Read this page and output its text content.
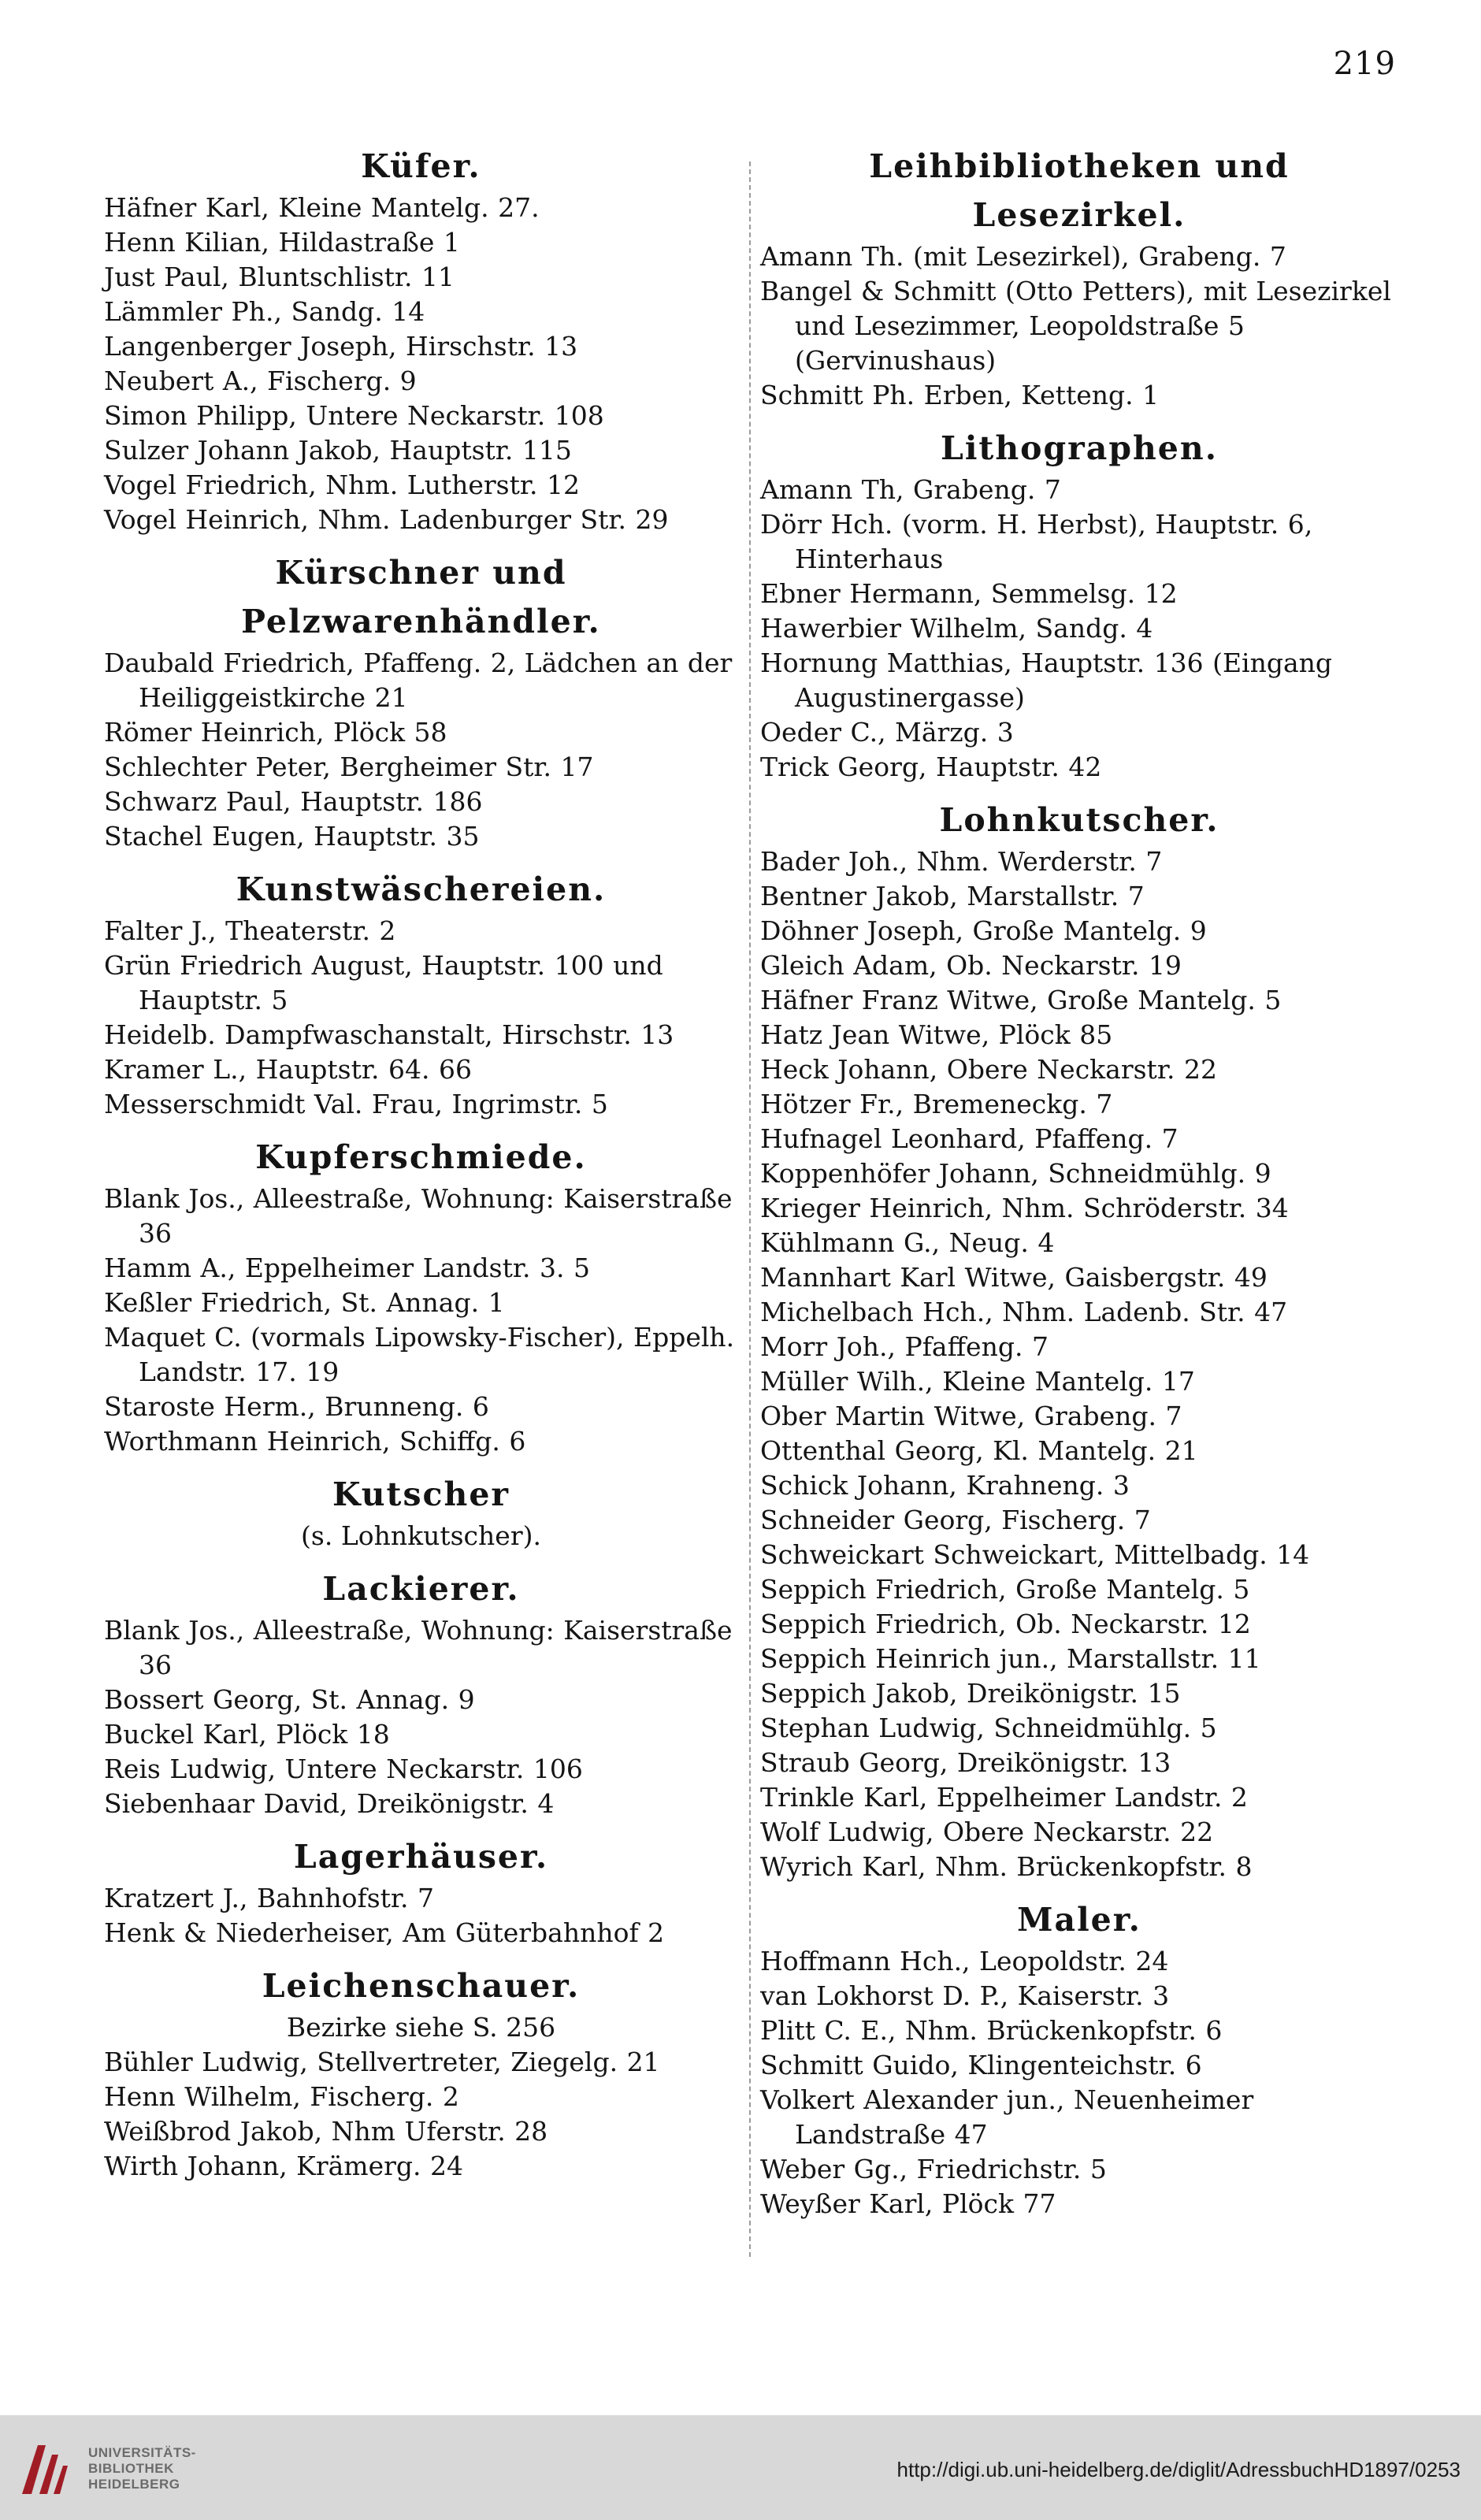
219
Küfer.
Häfner Karl, Kleine Mantelg. 27.
Henn Kilian, Hildastraße 1
Just Paul, Bluntschlistr. 11
Lämmler Ph., Sandg. 14
Langenberger Joseph, Hirschstr. 13
Neubert A., Fischerg. 9
Simon Philipp, Untere Neckarstr. 108
Sulzer Johann Jakob, Hauptstr. 115
Vogel Friedrich, Nhm. Lutherstr. 12
Vogel Heinrich, Nhm. Ladenburger Str. 29
Kürschner und Pelzwarenhändler.
Daubald Friedrich, Pfaffeng. 2, Lädchen an der Heiliggeistkirche 21
Römer Heinrich, Plöck 58
Schlechter Peter, Bergheimer Str. 17
Schwarz Paul, Hauptstr. 186
Stachel Eugen, Hauptstr. 35
Kunstwäschereien.
Falter J., Theaterstr. 2
Grün Friedrich August, Hauptstr. 100 und Hauptstr. 5
Heidelb. Dampfwaschanstalt, Hirschstr. 13
Kramer L., Hauptstr. 64. 66
Messerschmidt Val. Frau, Ingrimstr. 5
Kupferschmiede.
Blank Jos., Alleestraße, Wohnung: Kaiserstraße 36
Hamm A., Eppelheimer Landstr. 3. 5
Keßler Friedrich, St. Annag. 1
Maquet C. (vormals Lipowsky-Fischer), Eppelh. Landstr. 17. 19
Staroste Herm., Brunneng. 6
Worthmann Heinrich, Schiffg. 6
Kutscher
(s. Lohnkutscher).
Lackierer.
Blank Jos., Alleestraße, Wohnung: Kaiserstraße 36
Bossert Georg, St. Annag. 9
Buckel Karl, Plöck 18
Reis Ludwig, Untere Neckarstr. 106
Siebenhaar David, Dreikönigstr. 4
Lagerhäuser.
Kratzert J., Bahnhofstr. 7
Henk & Niederheiser, Am Güterbahnhof 2
Leichenschauer.
Bezirke siehe S. 256
Bühler Ludwig, Stellvertreter, Ziegelg. 21
Henn Wilhelm, Fischerg. 2
Weißbrod Jakob, Nhm Uferstr. 28
Wirth Johann, Krämerg. 24
Leihbibliotheken und Lesezirkel.
Amann Th. (mit Lesezirkel), Grabeng. 7
Bangel & Schmitt (Otto Petters), mit Lesezirkel und Lesezimmer, Leopoldstraße 5 (Gervinushaus)
Schmitt Ph. Erben, Ketteng. 1
Lithographen.
Amann Th, Grabeng. 7
Dörr Hch. (vorm. H. Herbst), Hauptstr. 6, Hinterhaus
Ebner Hermann, Semmelsg. 12
Hawerbier Wilhelm, Sandg. 4
Hornung Matthias, Hauptstr. 136 (Eingang Augustinergasse)
Oeder C., Märzg. 3
Trick Georg, Hauptstr. 42
Lohnkutscher.
Bader Joh., Nhm. Werderstr. 7
Bentner Jakob, Marstallstr. 7
Döhner Joseph, Große Mantelg. 9
Gleich Adam, Ob. Neckarstr. 19
Häfner Franz Witwe, Große Mantelg. 5
Hatz Jean Witwe, Plöck 85
Heck Johann, Obere Neckarstr. 22
Hötzer Fr., Bremeneckg. 7
Hufnagel Leonhard, Pfaffeng. 7
Koppenhöfer Johann, Schneidmühlg. 9
Krieger Heinrich, Nhm. Schröderstr. 34
Kühlmann G., Neug. 4
Mannhart Karl Witwe, Gaisbergstr. 49
Michelbach Hch., Nhm. Ladenb. Str. 47
Morr Joh., Pfaffeng. 7
Müller Wilh., Kleine Mantelg. 17
Ober Martin Witwe, Grabeng. 7
Ottenthal Georg, Kl. Mantelg. 21
Schick Johann, Krahneng. 3
Schneider Georg, Fischerg. 7
Schweickart Schweickart, Mittelbadg. 14
Seppich Friedrich, Große Mantelg. 5
Seppich Friedrich, Ob. Neckarstr. 12
Seppich Heinrich jun., Marstallstr. 11
Seppich Jakob, Dreikönigstr. 15
Stephan Ludwig, Schneidmühlg. 5
Straub Georg, Dreikönigstr. 13
Trinkle Karl, Eppelheimer Landstr. 2
Wolf Ludwig, Obere Neckarstr. 22
Wyrich Karl, Nhm. Brückenkopfstr. 8
Maler.
Hoffmann Hch., Leopoldstr. 24
van Lokhorst D. P., Kaiserstr. 3
Plitt C. E., Nhm. Brückenkopfstr. 6
Schmitt Guido, Klingenteichstr. 6
Volkert Alexander jun., Neuenheimer Landstraße 47
Weber Gg., Friedrichstr. 5
Weyßer Karl, Plöck 77
UNIVERSITÄTS-
BIBLIOTHEK
HEIDELBERG
http://digi.ub.uni-heidelberg.de/diglit/AdressbuchHD1897/0253
